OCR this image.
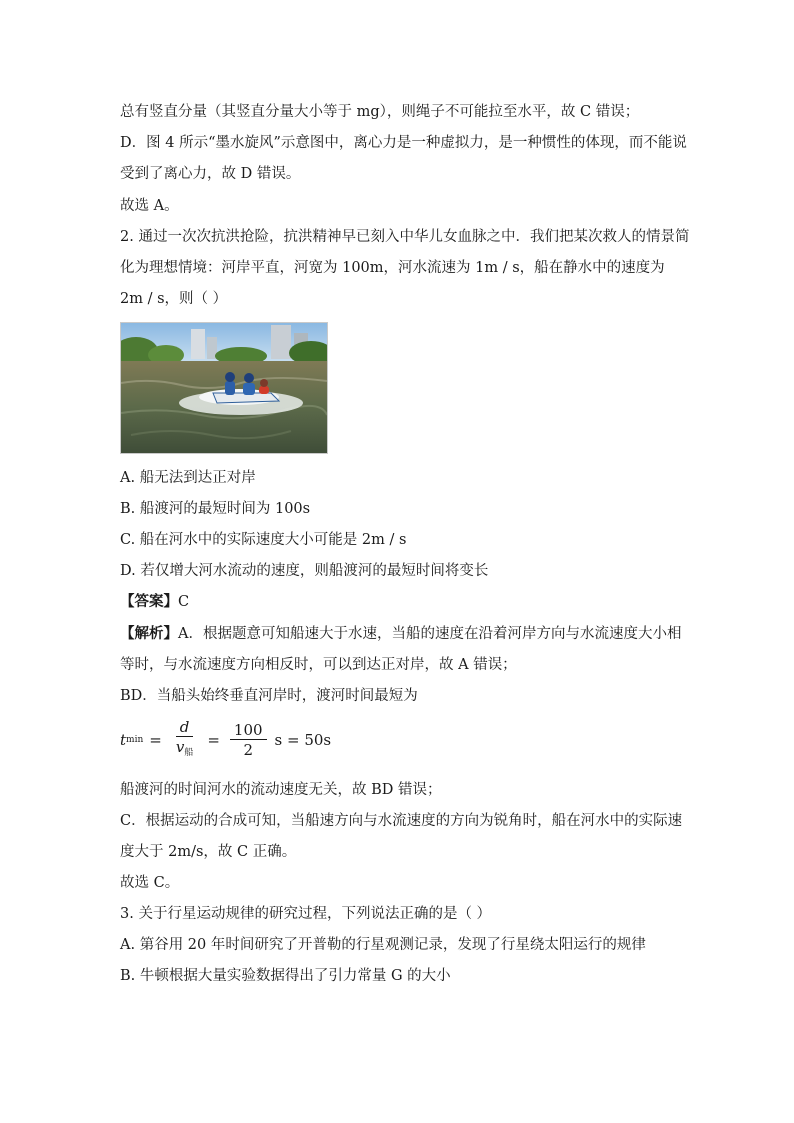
总有竖直分量（其竖直分量大小等于 mg），则绳子不可能拉至水平，故 C 错误；
D．图 4 所示“墨水旋风”示意图中，离心力是一种虚拟力，是一种惯性的体现，而不能说
受到了离心力，故 D 错误。
故选 A。
2. 通过一次次抗洪抢险，抗洪精神早已刻入中华儿女血脉之中．我们把某次救人的情景简
化为理想情境：河岸平直，河宽为 100m，河水流速为 1m / s，船在静水中的速度为
2m / s，则（ ）
A. 船无法到达正对岸
B. 船渡河的最短时间为 100s
C. 船在河水中的实际速度大小可能是 2m / s
D. 若仅增大河水流动的速度，则船渡河的最短时间将变长
【答案】C
【解析】A．根据题意可知船速大于水速，当船的速度在沿着河岸方向与水流速度大小相
等时，与水流速度方向相反时，可以到达正对岸，故 A 错误；
BD．当船头始终垂直河岸时，渡河时间最短为
t $\min = \frac{d}{v_船} = \frac{100}{2}$ s = 50s
船渡河的时间河水的流动速度无关，故 BD 错误；
C．根据运动的合成可知，当船速方向与水流速度的方向为锐角时，船在河水中的实际速
度大于 2m/s，故 C 正确。
故选 C。
3. 关于行星运动规律的研究过程，下列说法正确的是（ ）
A. 第谷用 20 年时间研究了开普勒的行星观测记录，发现了行星绕太阳运行的规律
B. 牛顿根据大量实验数据得出了引力常量 G 的大小
